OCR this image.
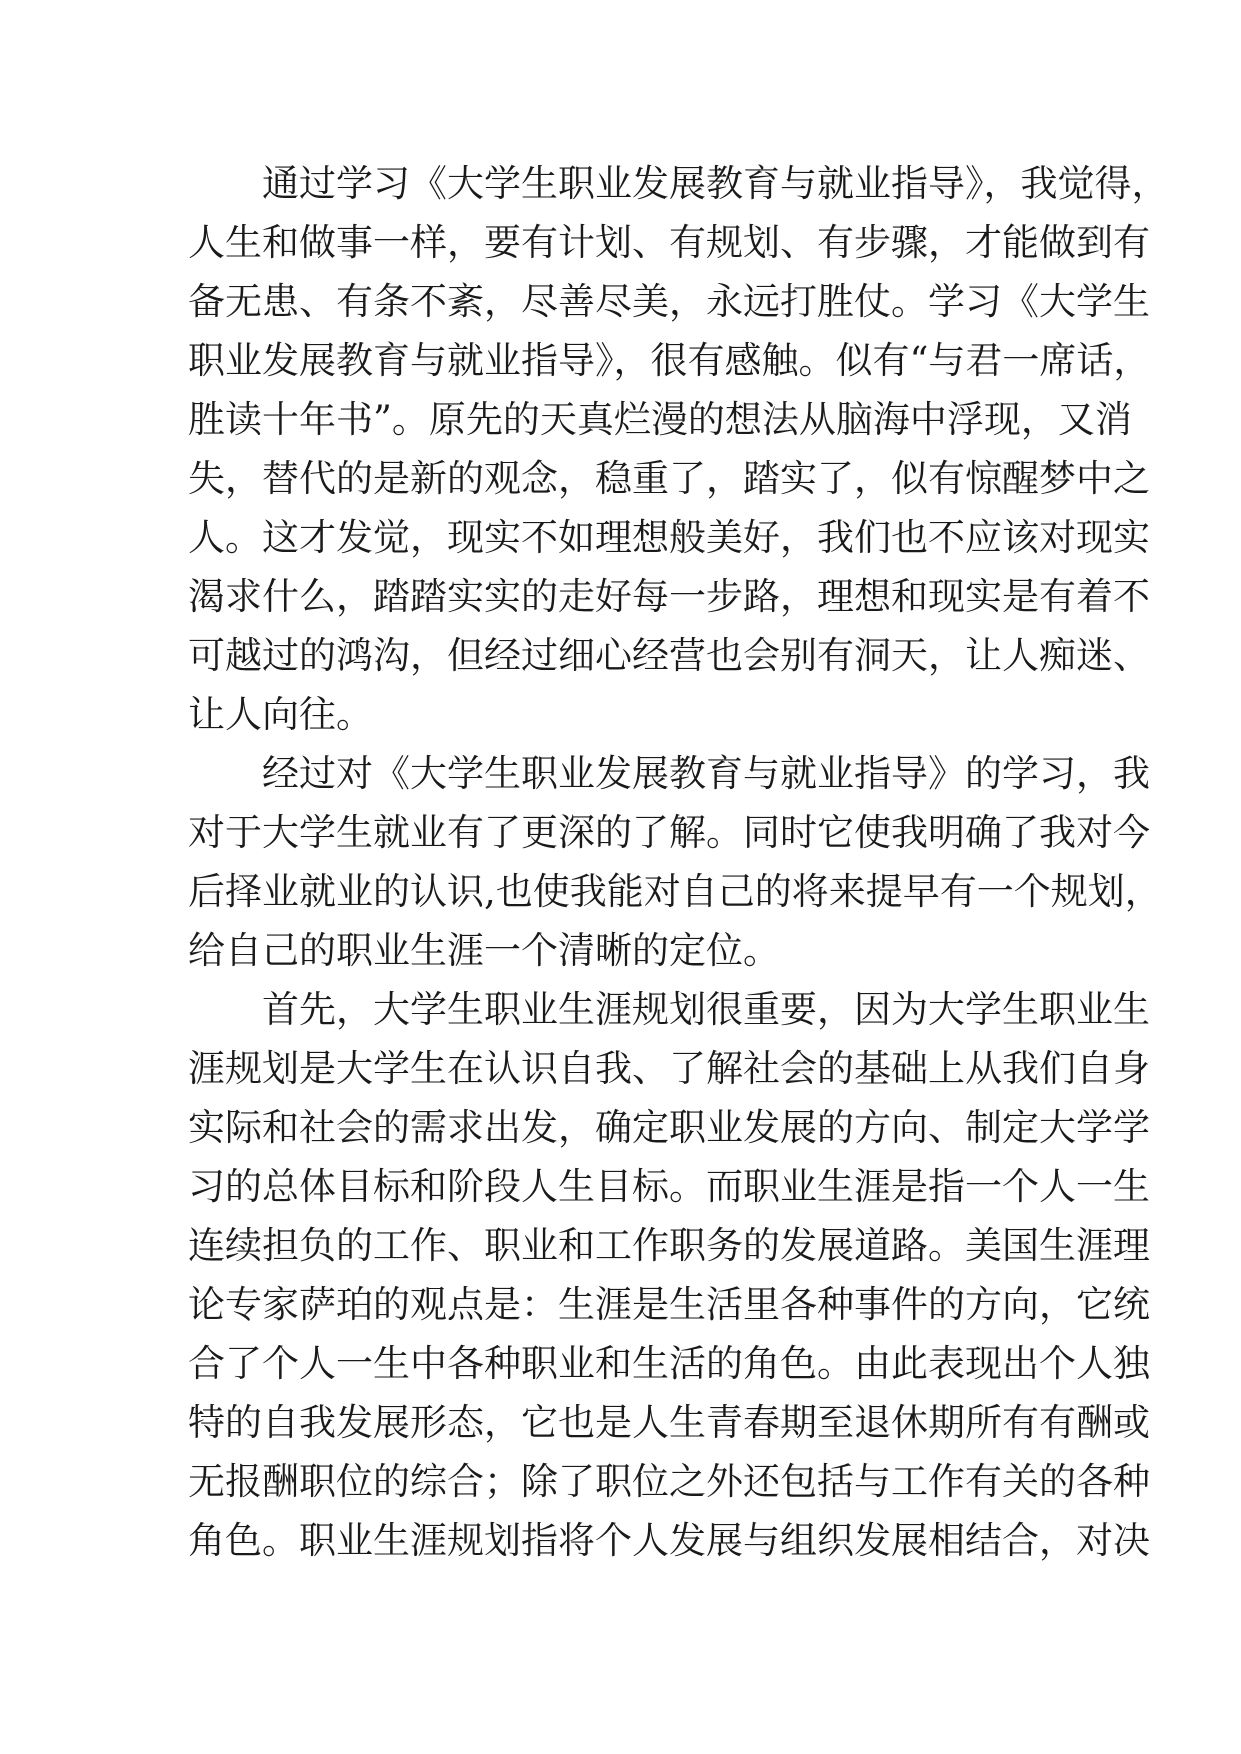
　　通过学习《大学生职业发展教育与就业指导》，我觉得，
人生和做事一样，要有计划、有规划、有步骤，才能做到有
备无患、有条不紊，尽善尽美，永远打胜仗。学习《大学生
职业发展教育与就业指导》，很有感触。似有“与君一席话，
胜读十年书”。原先的天真烂漫的想法从脑海中浮现，又消
失，替代的是新的观念，稳重了，踏实了，似有惊醒梦中之
人。这才发觉，现实不如理想般美好，我们也不应该对现实
渴求什么，踏踏实实的走好每一步路，理想和现实是有着不
可越过的鸿沟，但经过细心经营也会别有洞天，让人痴迷、
让人向往。
　　经过对《大学生职业发展教育与就业指导》的学习，我
对于大学生就业有了更深的了解。同时它使我明确了我对今
后择业就业的认识,也使我能对自己的将来提早有一个规划，
给自己的职业生涯一个清晰的定位。
　　首先，大学生职业生涯规划很重要，因为大学生职业生
涯规划是大学生在认识自我、了解社会的基础上从我们自身
实际和社会的需求出发，确定职业发展的方向、制定大学学
习的总体目标和阶段人生目标。而职业生涯是指一个人一生
连续担负的工作、职业和工作职务的发展道路。美国生涯理
论专家萨珀的观点是：生涯是生活里各种事件的方向，它统
合了个人一生中各种职业和生活的角色。由此表现出个人独
特的自我发展形态，它也是人生青春期至退休期所有有酬或
无报酬职位的综合；除了职位之外还包括与工作有关的各种
角色。职业生涯规划指将个人发展与组织发展相结合，对决
